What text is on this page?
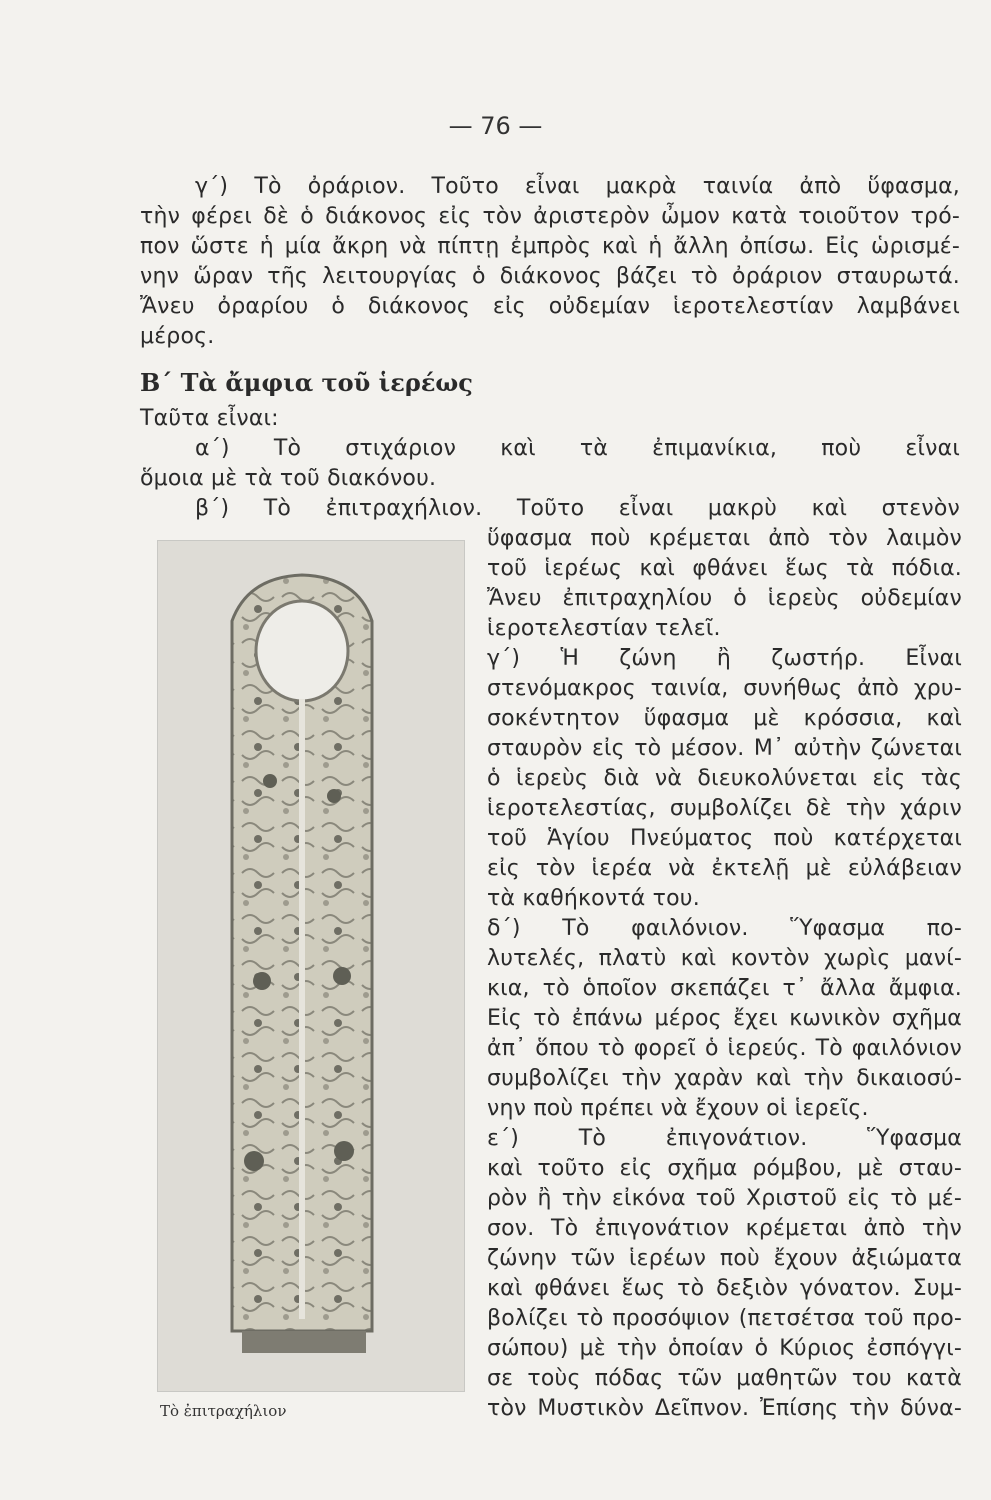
— 76 —
γ΄) Τὸ ὀράριον. Τοῦτο εἶναι μακρὰ ταινία ἀπὸ ὕφασμα,
τὴν φέρει δὲ ὁ διάκονος εἰς τὸν ἀριστερὸν ὦμον κατὰ τοιοῦτον τρό-
πον ὥστε ἡ μία ἄκρη νὰ πίπτῃ ἐμπρὸς καὶ ἡ ἄλλη ὀπίσω. Εἰς ὡρισμέ-
νην ὥραν τῆς λειτουργίας ὁ διάκονος βάζει τὸ ὀράριον σταυρωτά.
Ἄνευ ὀραρίου ὁ διάκονος εἰς οὐδεμίαν ἱεροτελεστίαν λαμβάνει
μέρος.
Β΄ Τὰ ἄμφια τοῦ ἱερέως
Ταῦτα εἶναι:
α΄) Τὸ στιχάριον καὶ τὰ ἐπιμανίκια, ποὺ εἶναι
ὅμοια μὲ τὰ τοῦ διακόνου.
β΄) Τὸ ἐπιτραχήλιον. Τοῦτο εἶναι μακρὺ καὶ στενὸν
Τὸ ἐπιτραχήλιον
ὕφασμα ποὺ κρέμεται ἀπὸ τὸν λαιμὸν
τοῦ ἱερέως καὶ φθάνει ἕως τὰ πόδια.
Ἄνευ ἐπιτραχηλίου ὁ ἱερεὺς οὐδεμίαν
ἱεροτελεστίαν τελεῖ.
γ΄) Ἡ ζώνη ἢ ζωστήρ. Εἶναι
στενόμακρος ταινία, συνήθως ἀπὸ χρυ-
σοκέντητον ὕφασμα μὲ κρόσσια, καὶ
σταυρὸν εἰς τὸ μέσον. Μ᾿ αὐτὴν ζώνεται
ὁ ἱερεὺς διὰ νὰ διευκολύνεται εἰς τὰς
ἱεροτελεστίας, συμβολίζει δὲ τὴν χάριν
τοῦ Ἁγίου Πνεύματος ποὺ κατέρχεται
εἰς τὸν ἱερέα νὰ ἐκτελῇ μὲ εὐλάβειαν
τὰ καθήκοντά του.
δ΄) Τὸ φαιλόνιον. Ὕφασμα πο-
λυτελές, πλατὺ καὶ κοντὸν χωρὶς μανί-
κια, τὸ ὁποῖον σκεπάζει τ᾿ ἄλλα ἄμφια.
Εἰς τὸ ἐπάνω μέρος ἔχει κωνικὸν σχῆμα
ἀπ᾿ ὅπου τὸ φορεῖ ὁ ἱερεύς. Τὸ φαιλόνιον
συμβολίζει τὴν χαρὰν καὶ τὴν δικαιοσύ-
νην ποὺ πρέπει νὰ ἔχουν οἱ ἱερεῖς.
ε΄) Τὸ ἐπιγονάτιον. Ὕφασμα
καὶ τοῦτο εἰς σχῆμα ρόμβου, μὲ σταυ-
ρὸν ἢ τὴν εἰκόνα τοῦ Χριστοῦ εἰς τὸ μέ-
σον. Τὸ ἐπιγονάτιον κρέμεται ἀπὸ τὴν
ζώνην τῶν ἱερέων ποὺ ἔχουν ἀξιώματα
καὶ φθάνει ἕως τὸ δεξιὸν γόνατον. Συμ-
βολίζει τὸ προσόψιον (πετσέτσα τοῦ προ-
σώπου) μὲ τὴν ὁποίαν ὁ Κύριος ἐσπόγγι-
σε τοὺς πόδας τῶν μαθητῶν του κατὰ
τὸν Μυστικὸν Δεῖπνον. Ἐπίσης τὴν δύνα-
